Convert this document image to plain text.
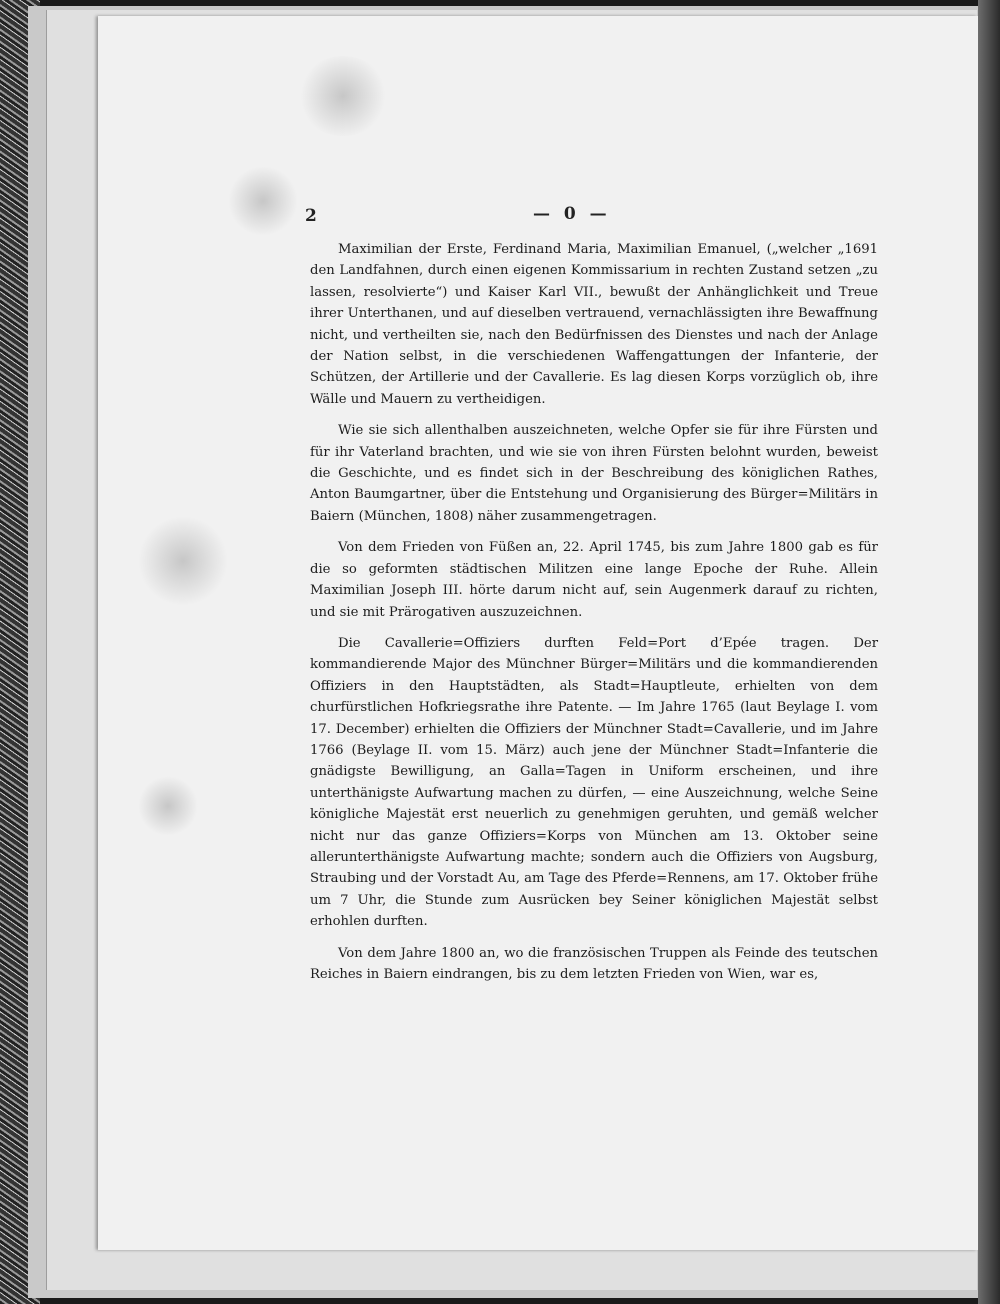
2	— 0 —

Maximilian der Erste, Ferdinand Maria, Maximilian Emanuel, („welcher „1691 den Landfahnen, durch einen eigenen Kommissarium in rechten Zustand setzen „zu lassen, resolvierte“) und Kaiser Karl VII., bewußt der Anhänglichkeit und Treue ihrer Unterthanen, und auf dieselben vertrauend, vernachlässigten ihre Bewaffnung nicht, und vertheilten sie, nach den Bedürfnissen des Dienstes und nach der Anlage der Nation selbst, in die verschiedenen Waffengattungen der Infanterie, der Schützen, der Artillerie und der Cavallerie. Es lag diesen Korps vorzüglich ob, ihre Wälle und Mauern zu vertheidigen.

Wie sie sich allenthalben auszeichneten, welche Opfer sie für ihre Fürsten und für ihr Vaterland brachten, und wie sie von ihren Fürsten belohnt wurden, beweist die Geschichte, und es findet sich in der Beschreibung des königlichen Rathes, Anton Baumgartner, über die Entstehung und Organisierung des Bürger=Militärs in Baiern (München, 1808) näher zusammengetragen.

Von dem Frieden von Füßen an, 22. April 1745, bis zum Jahre 1800 gab es für die so geformten städtischen Militzen eine lange Epoche der Ruhe. Allein Maximilian Joseph III. hörte darum nicht auf, sein Augenmerk darauf zu richten, und sie mit Prärogativen auszuzeichnen.

Die Cavallerie=Offiziers durften Feld=Port d’Epée tragen. Der kommandierende Major des Münchner Bürger=Militärs und die kommandierenden Offiziers in den Hauptstädten, als Stadt=Hauptleute, erhielten von dem churfürstlichen Hofkriegsrathe ihre Patente. — Im Jahre 1765 (laut Beylage I. vom 17. December) erhielten die Offiziers der Münchner Stadt=Cavallerie, und im Jahre 1766 (Beylage II. vom 15. März) auch jene der Münchner Stadt=Infanterie die gnädigste Bewilligung, an Galla=Tagen in Uniform erscheinen, und ihre unterthänigste Aufwartung machen zu dürfen, — eine Auszeichnung, welche Seine königliche Majestät erst neuerlich zu genehmigen geruhten, und gemäß welcher nicht nur das ganze Offiziers=Korps von München am 13. Oktober seine allerunterthänigste Aufwartung machte; sondern auch die Offiziers von Augsburg, Straubing und der Vorstadt Au, am Tage des Pferde=Rennens, am 17. Oktober frühe um 7 Uhr, die Stunde zum Ausrücken bey Seiner königlichen Majestät selbst erhohlen durften.

Von dem Jahre 1800 an, wo die französischen Truppen als Feinde des teutschen Reiches in Baiern eindrangen, bis zu dem letzten Frieden von Wien, war es,
